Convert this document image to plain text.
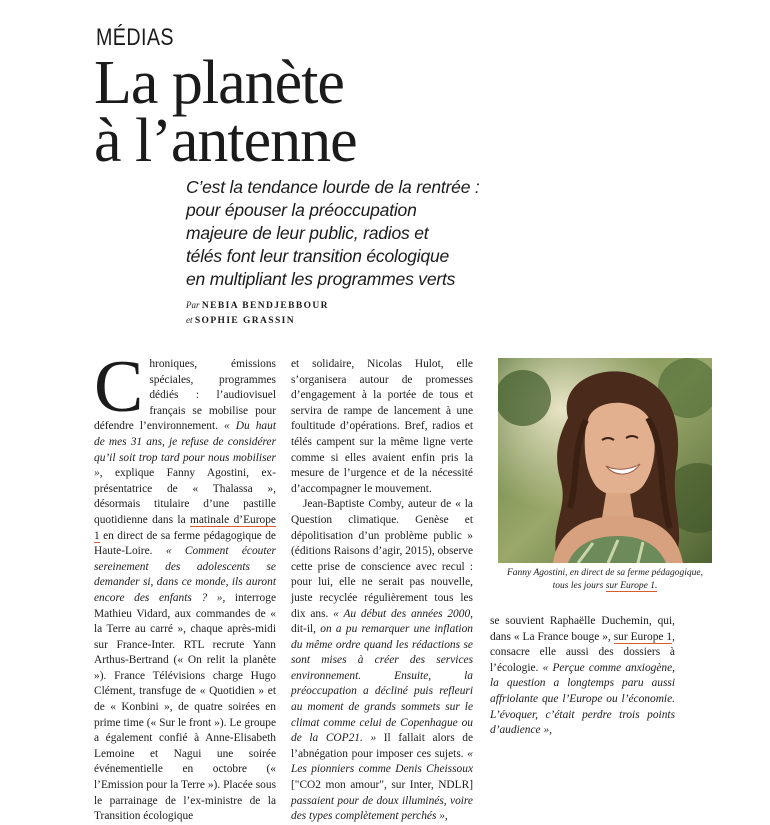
MÉDIAS
La planète
à l’antenne
C’est la tendance lourde de la rentrée :
pour épouser la préoccupation
majeure de leur public, radios et
télés font leur transition écologique
en multipliant les programmes verts
Par NEBIA BENDJEBBOUR
et SOPHIE GRASSIN

Chroniques, émissions spéciales, programmes dédiés : l’audiovisuel français se mobilise pour défendre l’environnement. « Du haut de mes 31 ans, je refuse de considérer qu’il soit trop tard pour nous mobiliser », explique Fanny Agostini, ex-présentatrice de « Thalassa », désormais titulaire d’une pastille quotidienne dans la matinale d’Europe 1 en direct de sa ferme pédagogique de Haute-Loire. « Comment écouter sereinement des adolescents se demander si, dans ce monde, ils auront encore des enfants ? », interroge Mathieu Vidard, aux commandes de « la Terre au carré », chaque après-midi sur France-Inter. RTL recrute Yann Arthus-Bertrand (« On relit la planète »). France Télévisions charge Hugo Clément, transfuge de « Quotidien » et de « Konbini », de quatre soirées en prime time (« Sur le front »). Le groupe a également confié à Anne-Elisabeth Lemoine et Nagui une soirée événementielle en octobre (« l’Emission pour la Terre »). Placée sous le parrainage de l’ex-ministre de la Transition écologique

et solidaire, Nicolas Hulot, elle s’organisera autour de promesses d’engagement à la portée de tous et servira de rampe de lancement à une foultitude d’opérations. Bref, radios et télés campent sur la même ligne verte comme si elles avaient enfin pris la mesure de l’urgence et de la nécessité d’accompagner le mouvement.

Jean-Baptiste Comby, auteur de « la Question climatique. Genèse et dépolitisation d’un problème public » (éditions Raisons d’agir, 2015), observe cette prise de conscience avec recul : pour lui, elle ne serait pas nouvelle, juste recyclée régulièrement tous les dix ans. « Au début des années 2000, dit-il, on a pu remarquer une inflation du même ordre quand les rédactions se sont mises à créer des services environnement. Ensuite, la préoccupation a décliné puis refleuri au moment de grands sommets sur le climat comme celui de Copenhague ou de la COP21. » Il fallait alors de l’abnégation pour imposer ces sujets. « Les pionniers comme Denis Cheissoux ["CO2 mon amour", sur Inter, NDLR] passaient pour de doux illuminés, voire des types complètement perchés »,

Fanny Agostini, en direct de sa ferme pédagogique, tous les jours sur Europe 1.

se souvient Raphaëlle Duchemin, qui, dans « La France bouge », sur Europe 1, consacre elle aussi des dossiers à l’écologie. « Perçue comme anxiogène, la question a longtemps paru aussi affriolante que l’Europe ou l’économie. L’évoquer, c’était perdre trois points d’audience »,
